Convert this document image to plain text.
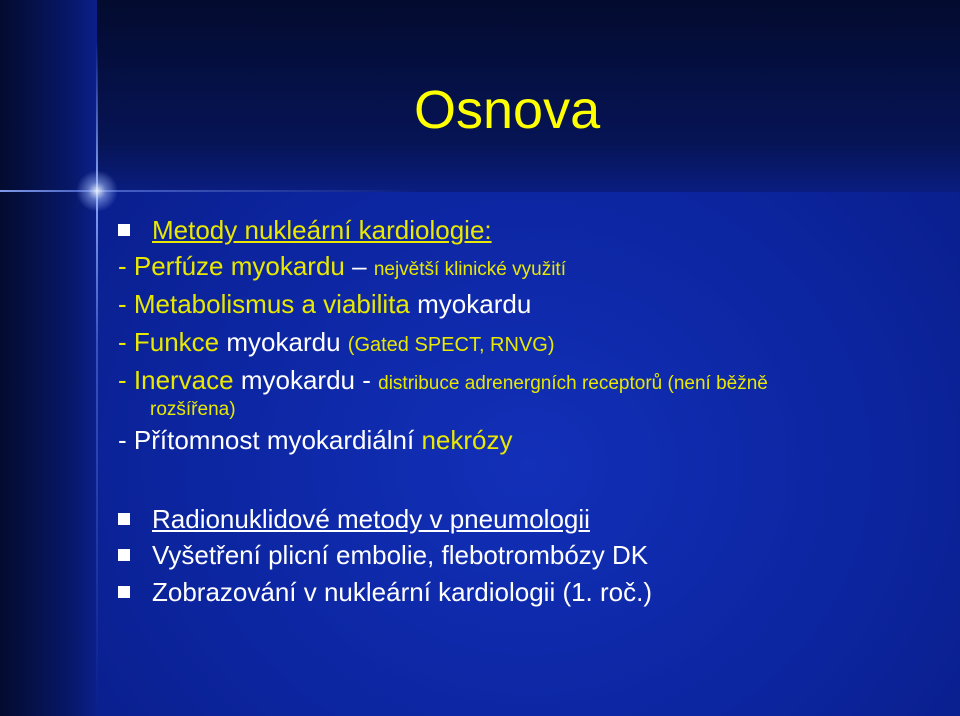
Osnova
Metody nukleární kardiologie:
- Perfúze myokardu – největší klinické využití
- Metabolismus a viabilita myokardu
- Funkce myokardu (Gated SPECT, RNVG)
- Inervace myokardu - distribuce adrenergních receptorů (není běžně
rozšířena)
- Přítomnost myokardiální nekrózy
Radionuklidové metody v pneumologii
Vyšetření plicní embolie, flebotrombózy DK
Zobrazování v nukleární kardiologii (1. roč.)
